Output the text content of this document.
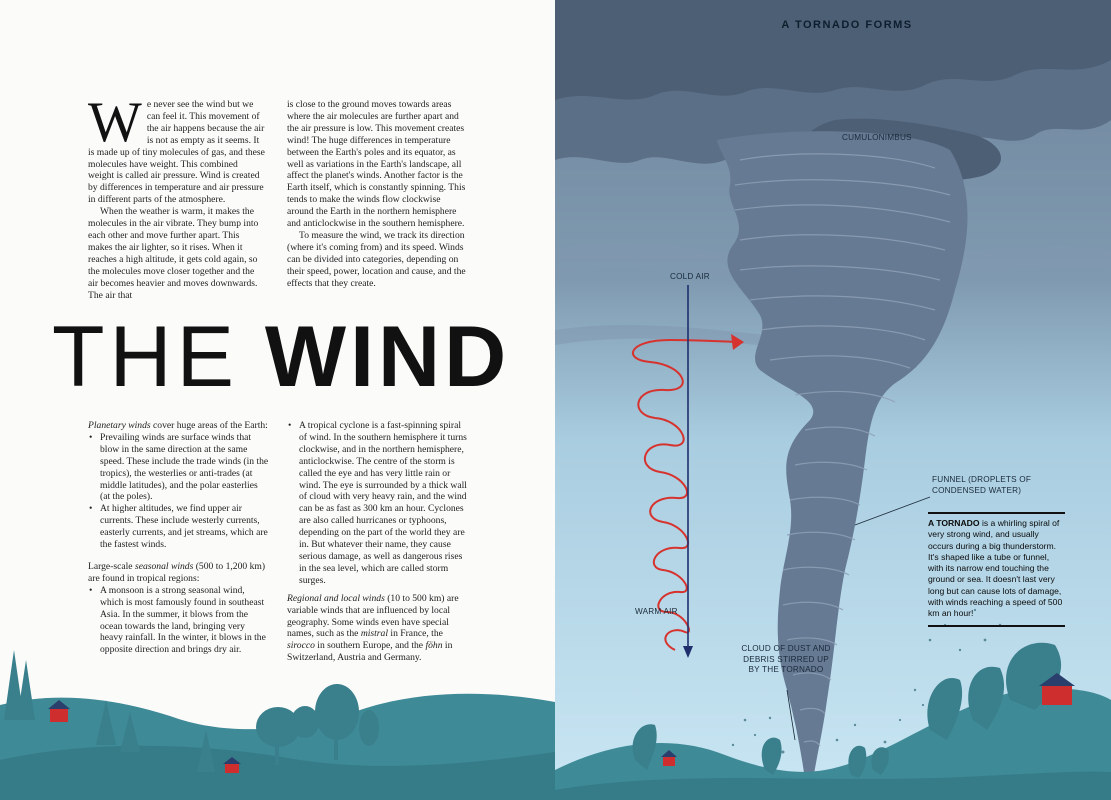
We never see the wind but we can feel it. This movement of the air happens because the air is not as empty as it seems. It is made up of tiny molecules of gas, and these molecules have weight. This combined weight is called air pressure. Wind is created by differences in temperature and air pressure in different parts of the atmosphere.

When the weather is warm, it makes the molecules in the air vibrate. They bump into each other and move further apart. This makes the air lighter, so it rises. When it reaches a high altitude, it gets cold again, so the molecules move closer together and the air becomes heavier and moves downwards. The air that

is close to the ground moves towards areas where the air molecules are further apart and the air pressure is low. This movement creates wind! The huge differences in temperature between the Earth's poles and its equator, as well as variations in the Earth's landscape, all affect the planet's winds. Another factor is the Earth itself, which is constantly spinning. This tends to make the winds flow clockwise around the Earth in the northern hemisphere and anticlockwise in the southern hemisphere.

To measure the wind, we track its direction (where it's coming from) and its speed. Winds can be divided into categories, depending on their speed, power, location and cause, and the effects that they create.

THE WIND

Planetary winds cover huge areas of the Earth:

• Prevailing winds are surface winds that blow in the same direction at the same speed. These include the trade winds (in the tropics), the westerlies or anti-trades (at middle latitudes), and the polar easterlies (at the poles).
• At higher altitudes, we find upper air currents. These include westerly currents, easterly currents, and jet streams, which are the fastest winds.

Large-scale seasonal winds (500 to 1,200 km) are found in tropical regions:

• A monsoon is a strong seasonal wind, which is most famously found in southeast Asia. In the summer, it blows from the ocean towards the land, bringing very heavy rainfall. In the winter, it blows in the opposite direction and brings dry air.
• A tropical cyclone is a fast-spinning spiral of wind. In the southern hemisphere it turns clockwise, and in the northern hemisphere, anticlockwise. The centre of the storm is called the eye and has very little rain or wind. The eye is surrounded by a thick wall of cloud with very heavy rain, and the wind can be as fast as 300 km an hour. Cyclones are also called hurricanes or typhoons, depending on the part of the world they are in. But whatever their name, they cause serious damage, as well as dangerous rises in the sea level, which are called storm surges.

Regional and local winds (10 to 500 km) are variable winds that are influenced by local geography. Some winds even have special names, such as the mistral in France, the sirocco in southern Europe, and the föhn in Switzerland, Austria and Germany.

A TORNADO FORMS
CUMULONIMBUS
COLD AIR
WARM AIR
FUNNEL (DROPLETS OF
CONDENSED WATER)
CLOUD OF DUST AND
DEBRIS STIRRED UP
BY THE TORNADO
A TORNADO is a whirling spiral of very strong wind, and usually occurs during a big thunderstorm. It's shaped like a tube or funnel, with its narrow end touching the ground or sea. It doesn't last very long but can cause lots of damage, with winds reaching a speed of 500 km an hour!
